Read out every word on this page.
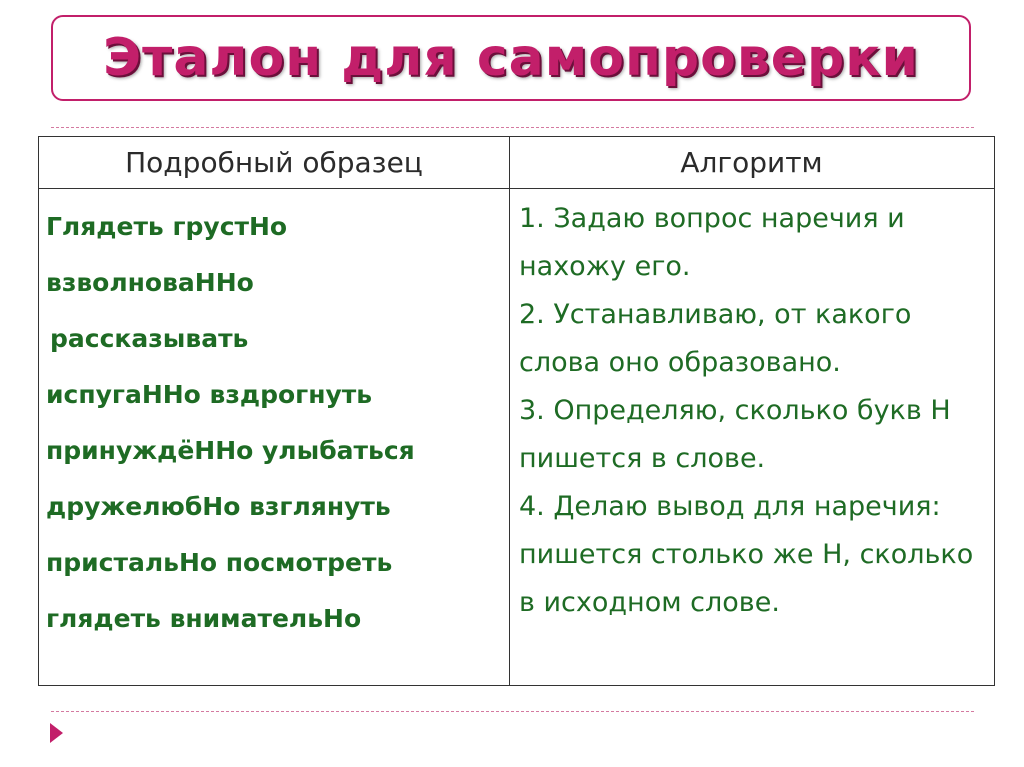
Эталон для самопроверки
Подробный образец	Алгоритм
Глядеть грустНо
взволноваННо
рассказывать
испугаННо вздрогнуть
принуждёННо улыбаться
дружелюбНо взглянуть
пристальНо посмотреть
глядеть внимательНо
1. Задаю вопрос наречия и нахожу его.
2. Устанавливаю, от какого слова оно образовано.
3. Определяю, сколько букв Н пишется в слове.
4. Делаю вывод для наречия: пишется столько же Н, сколько в исходном слове.
